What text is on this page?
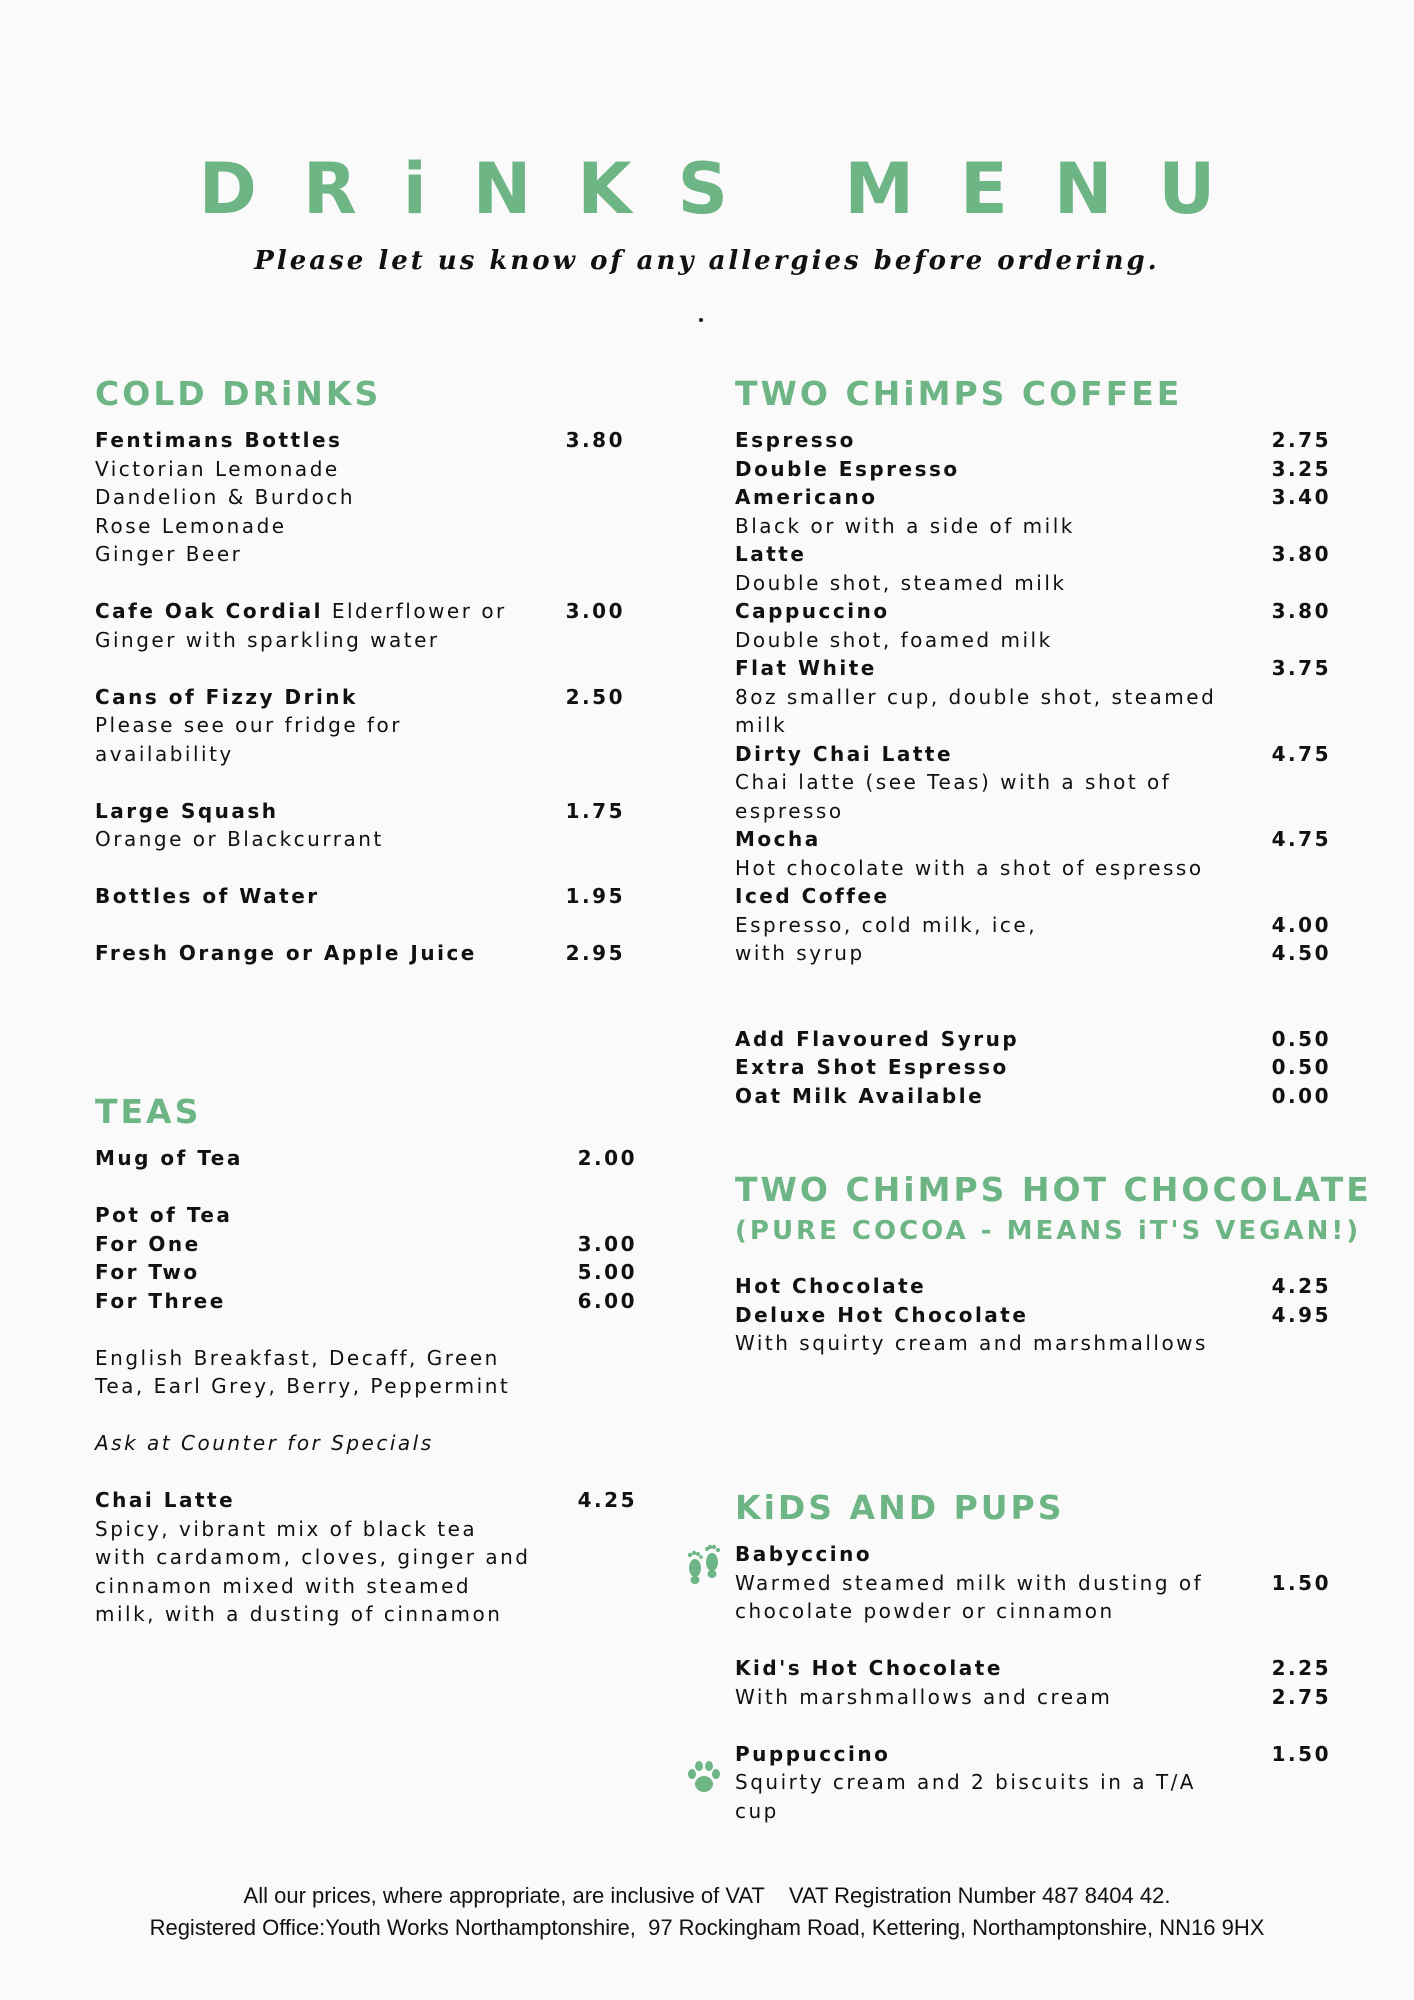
DRiNKS MENU
Please let us know of any allergies before ordering.
COLD DRiNKS
Fentimans Bottles	3.80
Victorian Lemonade
Dandelion & Burdoch
Rose Lemonade
Ginger Beer
Cafe Oak Cordial Elderflower or	3.00
Ginger with sparkling water
Cans of Fizzy Drink	2.50
Please see our fridge for
availability
Large Squash	1.75
Orange or Blackcurrant
Bottles of Water	1.95
Fresh Orange or Apple Juice	2.95
TEAS
Mug of Tea	2.00
Pot of Tea
For One	3.00
For Two	5.00
For Three	6.00
English Breakfast, Decaff, Green
Tea, Earl Grey, Berry, Peppermint
Ask at Counter for Specials
Chai Latte	4.25
Spicy, vibrant mix of black tea
with cardamom, cloves, ginger and
cinnamon mixed with steamed
milk, with a dusting of cinnamon
TWO CHiMPS COFFEE
Espresso	2.75
Double Espresso	3.25
Americano	3.40
Black or with a side of milk
Latte	3.80
Double shot, steamed milk
Cappuccino	3.80
Double shot, foamed milk
Flat White	3.75
8oz smaller cup, double shot, steamed
milk
Dirty Chai Latte	4.75
Chai latte (see Teas) with a shot of
espresso
Mocha	4.75
Hot chocolate with a shot of espresso
Iced Coffee
Espresso, cold milk, ice,	4.00
with syrup	4.50
Add Flavoured Syrup	0.50
Extra Shot Espresso	0.50
Oat Milk Available	0.00
TWO CHiMPS HOT CHOCOLATE
(PURE COCOA - MEANS iT'S VEGAN!)
Hot Chocolate	4.25
Deluxe Hot Chocolate	4.95
With squirty cream and marshmallows
KiDS AND PUPS
Babyccino
Warmed steamed milk with dusting of	1.50
chocolate powder or cinnamon
Kid's Hot Chocolate	2.25
With marshmallows and cream	2.75
Puppuccino	1.50
Squirty cream and 2 biscuits in a T/A
cup
All our prices, where appropriate, are inclusive of VAT    VAT Registration Number 487 8404 42.
Registered Office:Youth Works Northamptonshire,  97 Rockingham Road, Kettering, Northamptonshire, NN16 9HX
